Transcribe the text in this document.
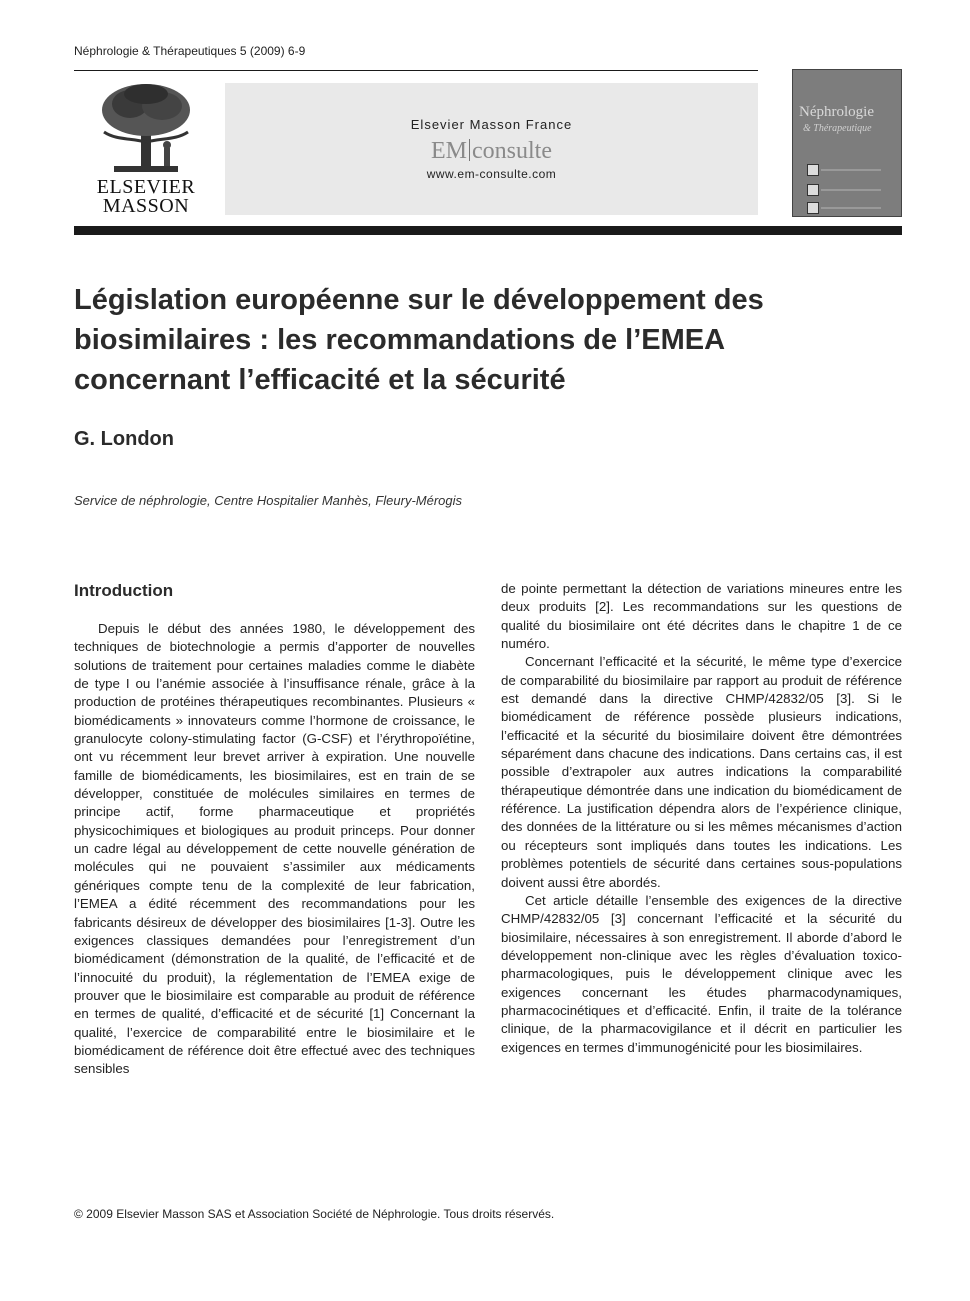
Néphrologie & Thérapeutiques 5 (2009) 6-9
ELSEVIER
MASSON
Elsevier Masson France
EM consulte
www.em-consulte.com
Néphrologie
& Thérapeutique
Législation européenne sur le développement des biosimilaires : les recommandations de l’EMEA concernant l’efficacité et la sécurité
G. London
Service de néphrologie, Centre Hospitalier Manhès, Fleury-Mérogis
Introduction

Depuis le début des années 1980, le développement des techniques de biotechnologie a permis d’apporter de nouvelles solutions de traitement pour certaines maladies comme le diabète de type I ou l’anémie associée à l’insuffisance rénale, grâce à la production de protéines thérapeutiques recombinantes. Plusieurs « biomédicaments » innovateurs comme l’hormone de croissance, le granulocyte colony-stimulating factor (G-CSF) et l’érythropoïétine, ont vu récemment leur brevet arriver à expiration. Une nouvelle famille de biomédicaments, les biosimilaires, est en train de se développer, constituée de molécules similaires en termes de principe actif, forme pharmaceutique et propriétés physicochimiques et biologiques au produit princeps. Pour donner un cadre légal au développement de cette nouvelle génération de molécules qui ne pouvaient s’assimiler aux médicaments génériques compte tenu de la complexité de leur fabrication, l’EMEA a édité récemment des recommandations pour les fabricants désireux de développer des biosimilaires [1-3]. Outre les exigences classiques demandées pour l’enregistrement d’un biomédicament (démonstration de la qualité, de l’efficacité et de l’innocuité du produit), la réglementation de l’EMEA exige de prouver que le biosimilaire est comparable au produit de référence en termes de qualité, d’efficacité et de sécurité [1] Concernant la qualité, l’exercice de comparabilité entre le biosimilaire et le biomédicament de référence doit être effectué avec des techniques sensibles

de pointe permettant la détection de variations mineures entre les deux produits [2]. Les recommandations sur les questions de qualité du biosimilaire ont été décrites dans le chapitre 1 de ce numéro.

Concernant l’efficacité et la sécurité, le même type d’exercice de comparabilité du biosimilaire par rapport au produit de référence est demandé dans la directive CHMP/42832/05 [3]. Si le biomédicament de référence possède plusieurs indications, l’efficacité et la sécurité du biosimilaire doivent être démontrées séparément dans chacune des indications. Dans certains cas, il est possible d’extrapoler aux autres indications la comparabilité thérapeutique démontrée dans une indication du biomédicament de référence. La justification dépendra alors de l’expérience clinique, des données de la littérature ou si les mêmes mécanismes d’action ou récepteurs sont impliqués dans toutes les indications. Les problèmes potentiels de sécurité dans certaines sous-populations doivent aussi être abordés.

Cet article détaille l’ensemble des exigences de la directive CHMP/42832/05 [3] concernant l’efficacité et la sécurité du biosimilaire, nécessaires à son enregistrement. Il aborde d’abord le développement non-clinique avec les règles d’évaluation toxico-pharmacologiques, puis le développement clinique avec les exigences concernant les études pharmacodynamiques, pharmacocinétiques et d’efficacité. Enfin, il traite de la tolérance clinique, de la pharmacovigilance et il décrit en particulier les exigences en termes d’immunogénicité pour les biosimilaires.

© 2009 Elsevier Masson SAS et Association Société de Néphrologie. Tous droits réservés.
